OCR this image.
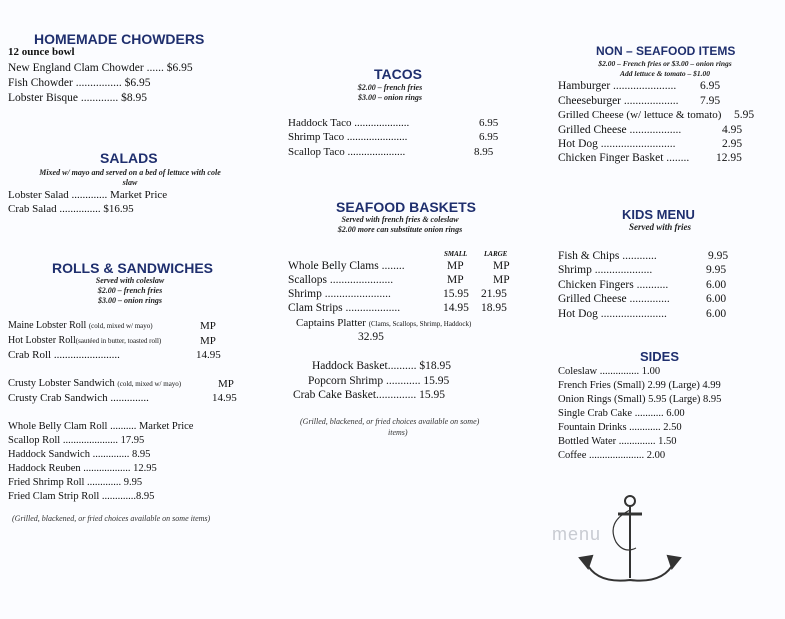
HOMEMADE CHOWDERS
12 ounce bowl
New England Clam Chowder ...... $6.95
Fish Chowder ................ $6.95
Lobster Bisque ............. $8.95
SALADS
Mixed w/ mayo and served on a bed of lettuce with cole
slaw
Lobster Salad ............. Market Price
Crab Salad ............... $16.95
ROLLS & SANDWICHES
Served with coleslaw
$2.00 – french fries
$3.00 – onion rings
Maine Lobster Roll (cold, mixed w/ mayo)	MP
Hot Lobster Roll(sautéed in butter, toasted roll)	MP
Crab Roll ........................	14.95
Crusty Lobster Sandwich (cold, mixed w/ mayo)	MP
Crusty Crab Sandwich ..............	14.95
Whole Belly Clam Roll .......... Market Price
Scallop Roll ..................... 17.95
Haddock Sandwich .............. 8.95
Haddock Reuben .................. 12.95
Fried Shrimp Roll ............. 9.95
Fried Clam Strip Roll .............8.95
(Grilled, blackened, or fried choices available on some items)
TACOS
$2.00 – french fries
$3.00 – onion rings
Haddock Taco ....................	6.95
Shrimp Taco ......................	6.95
Scallop Taco .....................	8.95
SEAFOOD BASKETS
Served with french fries & coleslaw
$2.00 more can substitute onion rings
SMALL LARGE
Whole Belly Clams ........	MP	MP
Scallops ......................	MP	MP
Shrimp .......................	15.95 21.95
Clam Strips ...................	14.95 18.95
Captains Platter (Clams, Scallops, Shrimp, Haddock)
32.95
Haddock Basket.......... $18.95
Popcorn Shrimp ............ 15.95
Crab Cake Basket.............. 15.95
(Grilled, blackened, or fried choices available on some)
items)
NON – SEAFOOD ITEMS
$2.00 – French fries or $3.00 – onion rings
Add lettuce & tomato – $1.00
Hamburger ...................... 6.95
Cheeseburger ................... 7.95
Grilled Cheese (w/ lettuce & tomato) 5.95
Grilled Cheese ..................	4.95
Hot Dog ..........................	2.95
Chicken Finger Basket ........ 12.95
KIDS MENU
Served with fries
Fish & Chips ............	9.95
Shrimp ....................	9.95
Chicken Fingers ...........	6.00
Grilled Cheese ..............	6.00
Hot Dog .......................	6.00
SIDES
Coleslaw ............... 1.00
French Fries (Small) 2.99 (Large) 4.99
Onion Rings (Small) 5.95 (Large) 8.95
Single Crab Cake ........... 6.00
Fountain Drinks ............ 2.50
Bottled Water .............. 1.50
Coffee ..................... 2.00
menu
